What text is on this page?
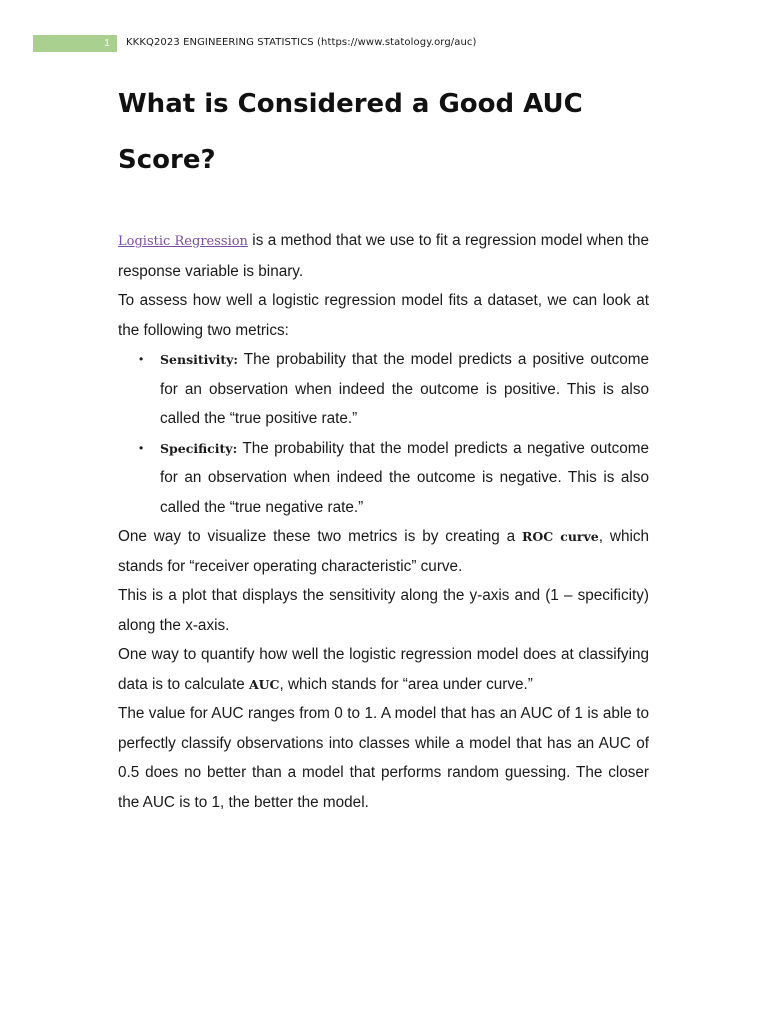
1	KKKQ2023 ENGINEERING STATISTICS (https://www.statology.org/auc)
What is Considered a Good AUC Score?

Logistic Regression is a method that we use to fit a regression model when the response variable is binary.

To assess how well a logistic regression model fits a dataset, we can look at the following two metrics:

• Sensitivity: The probability that the model predicts a positive outcome for an observation when indeed the outcome is positive. This is also called the “true positive rate.”
• Specificity: The probability that the model predicts a negative outcome for an observation when indeed the outcome is negative. This is also called the “true negative rate.”

One way to visualize these two metrics is by creating a ROC curve, which stands for “receiver operating characteristic” curve.

This is a plot that displays the sensitivity along the y-axis and (1 – specificity) along the x-axis.

One way to quantify how well the logistic regression model does at classifying data is to calculate AUC, which stands for “area under curve.”

The value for AUC ranges from 0 to 1. A model that has an AUC of 1 is able to perfectly classify observations into classes while a model that has an AUC of 0.5 does no better than a model that performs random guessing. The closer the AUC is to 1, the better the model.
